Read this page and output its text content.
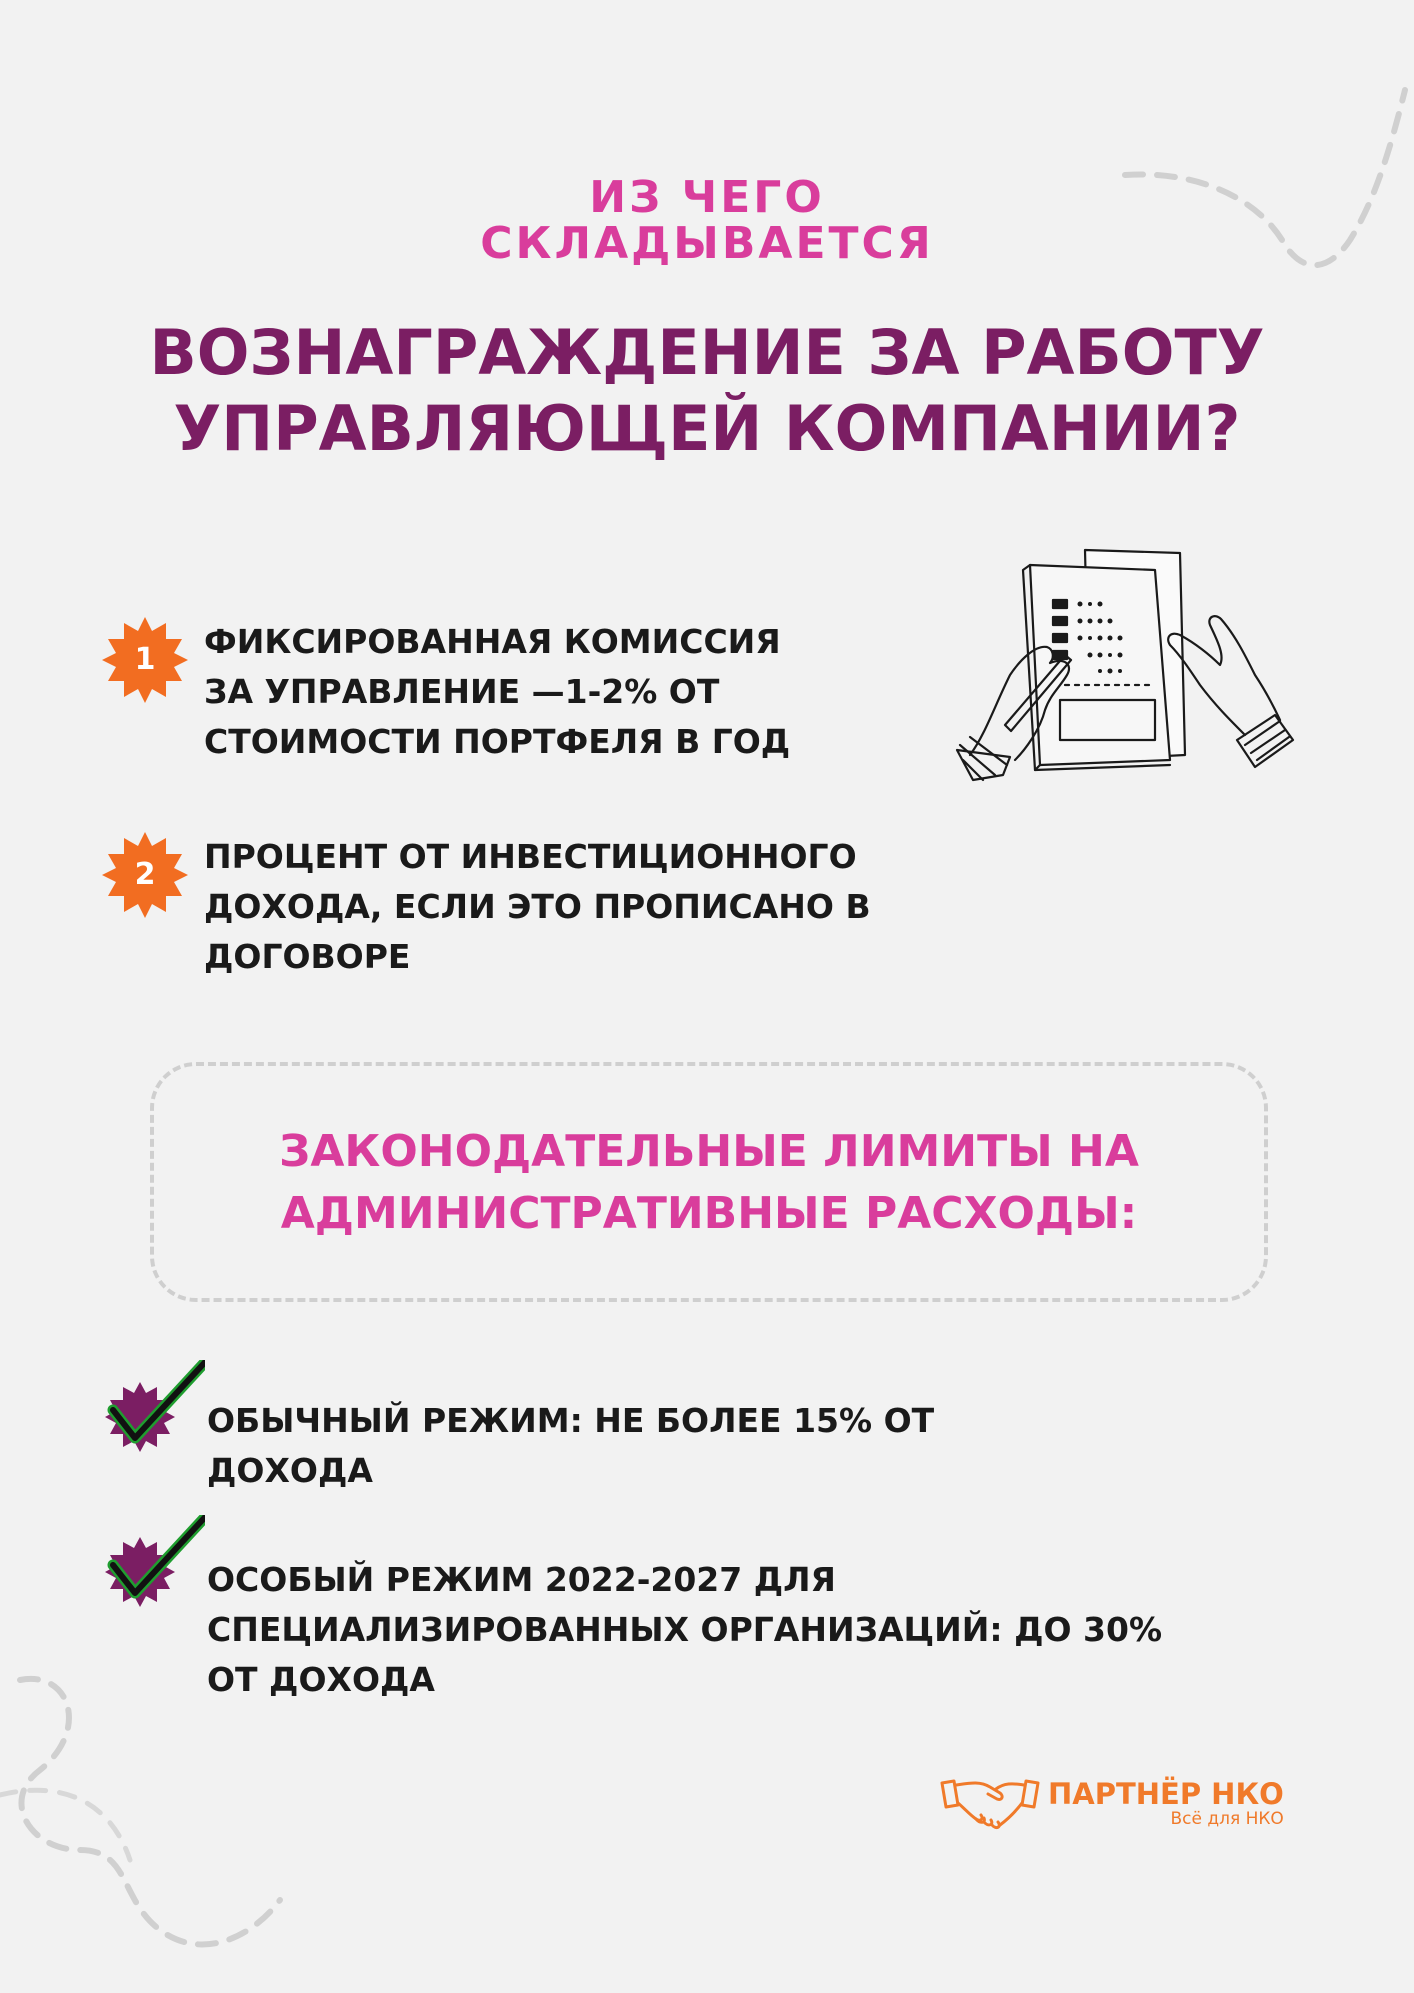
ИЗ ЧЕГО
СКЛАДЫВАЕТСЯ
ВОЗНАГРАЖДЕНИЕ ЗА РАБОТУ
УПРАВЛЯЮЩЕЙ КОМПАНИИ?
1	ФИКСИРОВАННАЯ КОМИССИЯ
ЗА УПРАВЛЕНИЕ —1-2% ОТ
СТОИМОСТИ ПОРТФЕЛЯ В ГОД
2	ПРОЦЕНТ ОТ ИНВЕСТИЦИОННОГО
ДОХОДА, ЕСЛИ ЭТО ПРОПИСАНО В
ДОГОВОРЕ
ЗАКОНОДАТЕЛЬНЫЕ ЛИМИТЫ НА
АДМИНИСТРАТИВНЫЕ РАСХОДЫ:
ОБЫЧНЫЙ РЕЖИМ: НЕ БОЛЕЕ 15% ОТ
ДОХОДА
ОСОБЫЙ РЕЖИМ 2022-2027 ДЛЯ
СПЕЦИАЛИЗИРОВАННЫХ ОРГАНИЗАЦИЙ: ДО 30%
ОТ ДОХОДА
ПАРТНЁР НКО
Всё для НКО
